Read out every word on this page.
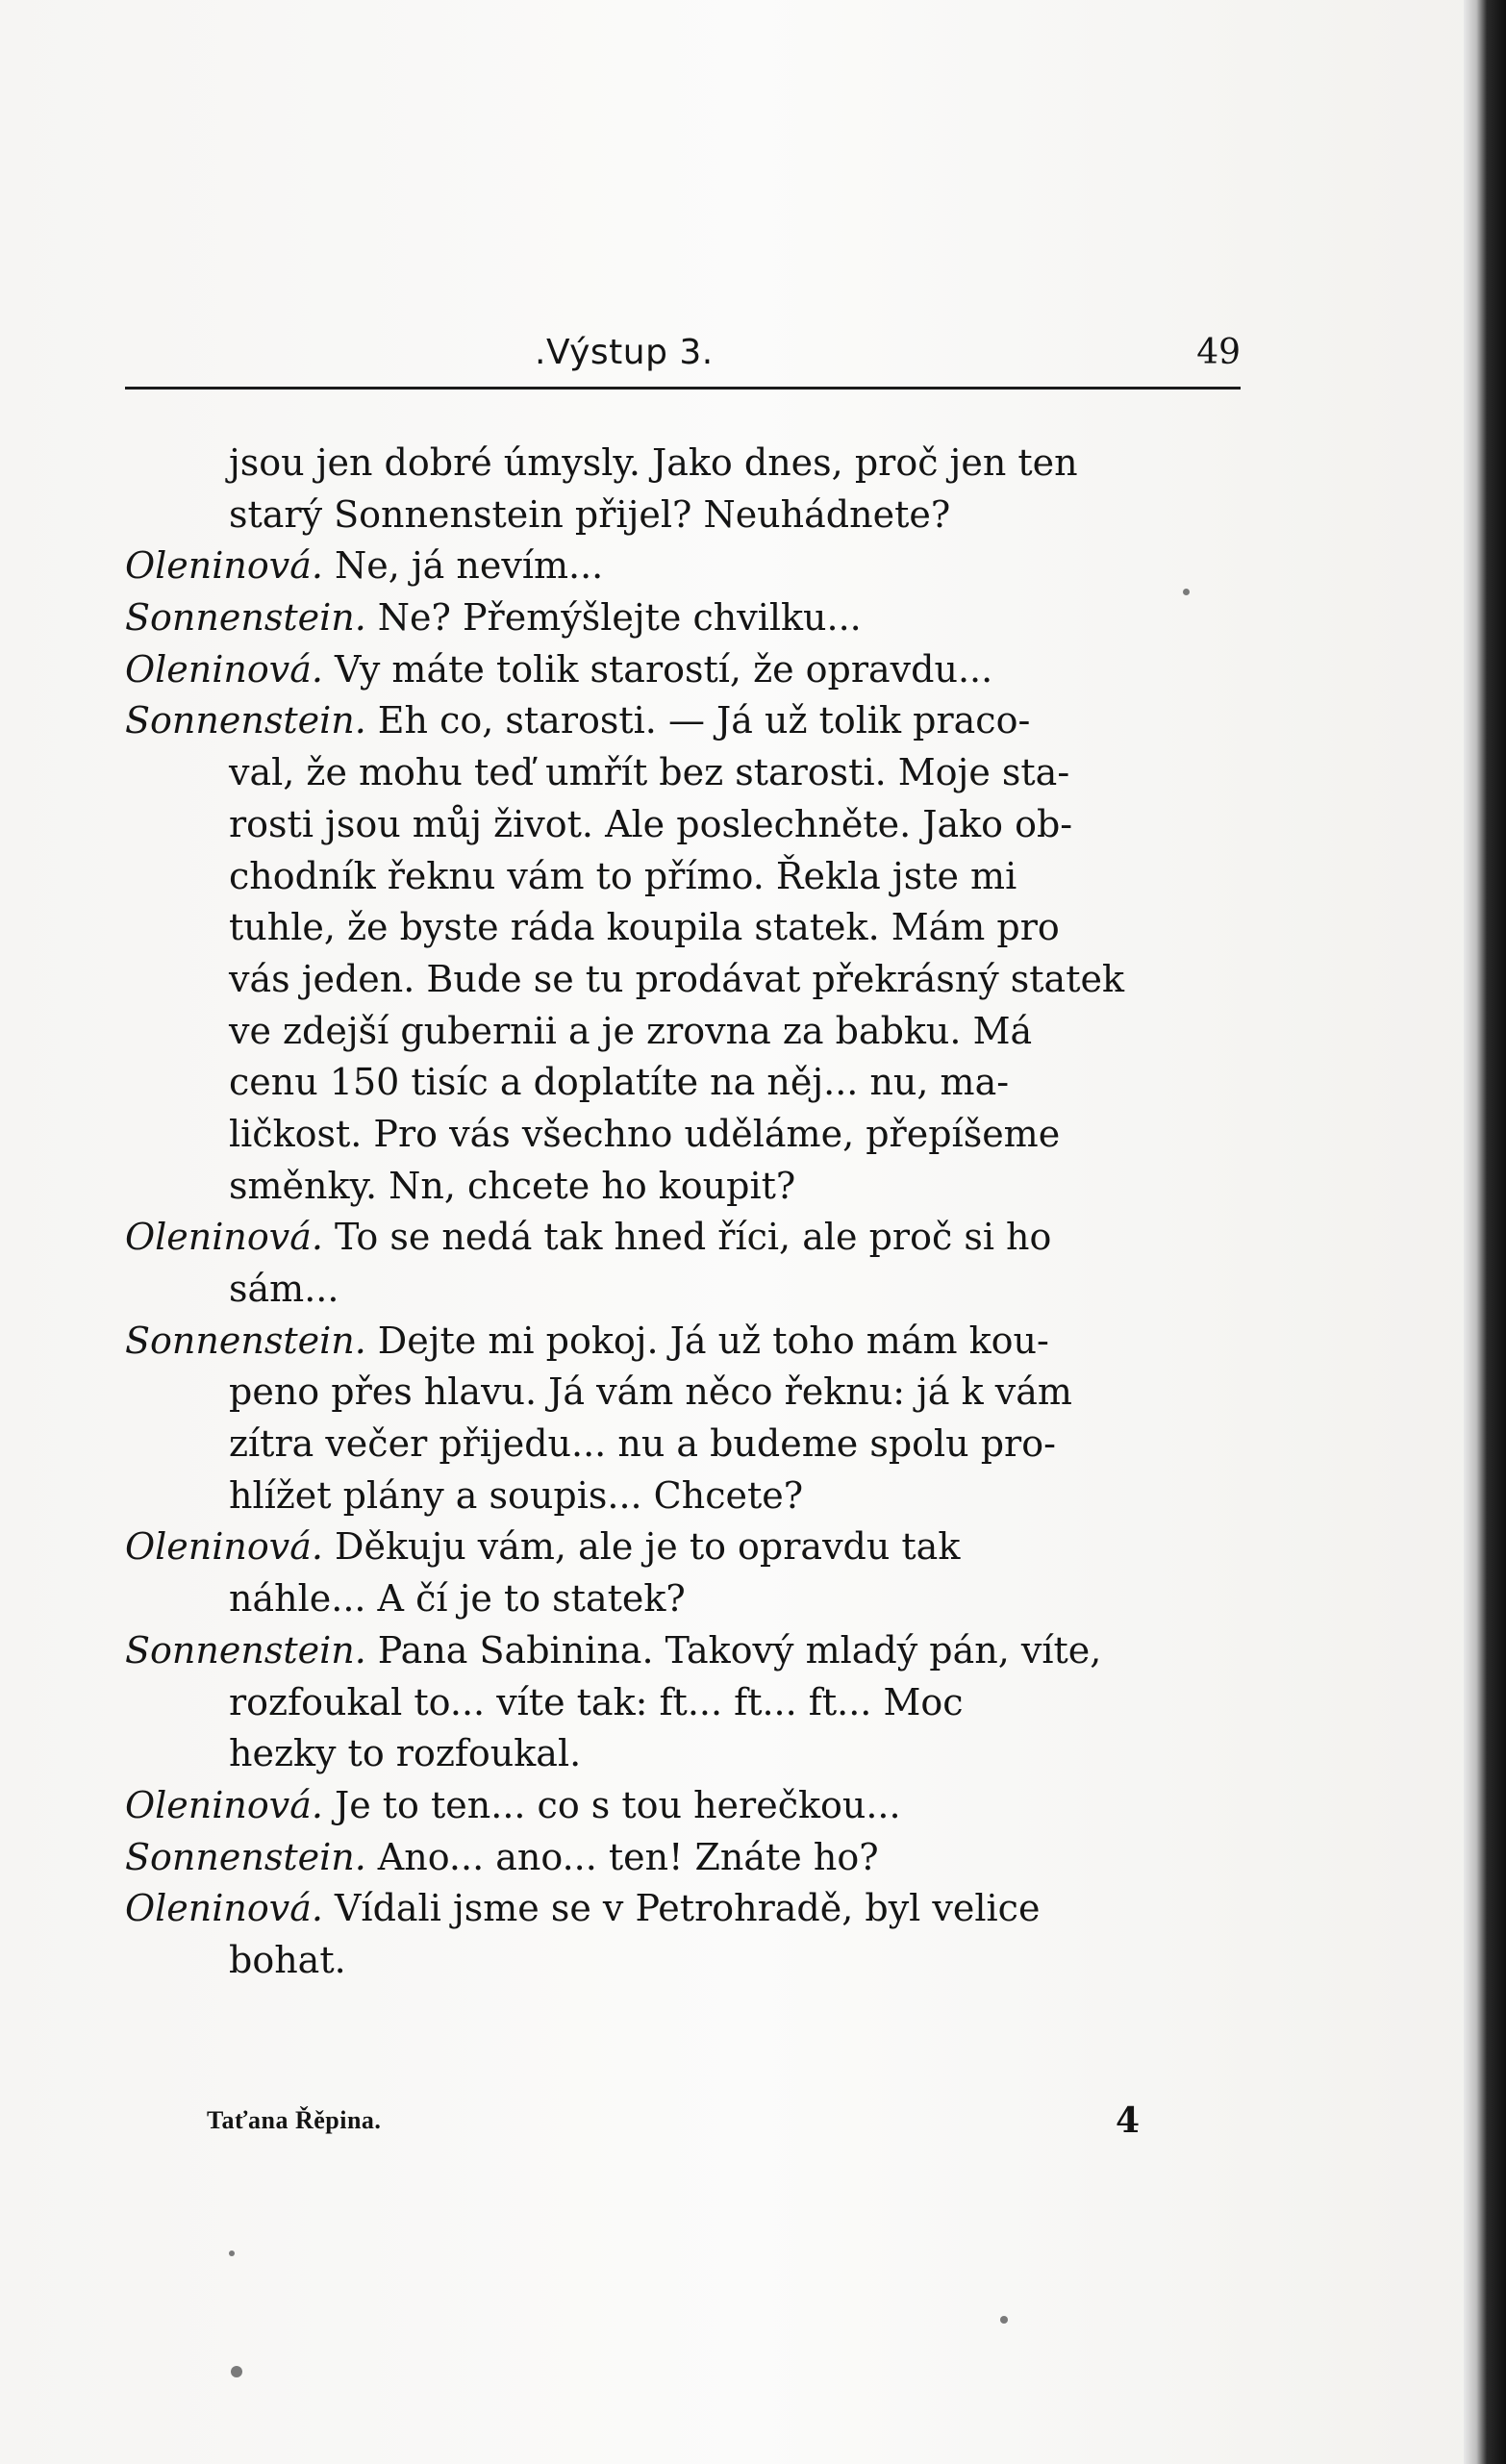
.Výstup 3.	49
jsou jen dobré úmysly. Jako dnes, proč jen ten
starý Sonnenstein přijel? Neuhádnete?
Oleninová. Ne, já nevím...
Sonnenstein. Ne? Přemýšlejte chvilku...
Oleninová. Vy máte tolik starostí, že opravdu...
Sonnenstein. Eh co, starosti. — Já už tolik praco-
val, že mohu teď umřít bez starosti. Moje sta-
rosti jsou můj život. Ale poslechněte. Jako ob-
chodník řeknu vám to přímo. Řekla jste mi
tuhle, že byste ráda koupila statek. Mám pro
vás jeden. Bude se tu prodávat překrásný statek
ve zdejší gubernii a je zrovna za babku. Má
cenu 150 tisíc a doplatíte na něj... nu, ma-
ličkost. Pro vás všechno uděláme, přepíšeme
směnky. Nn, chcete ho koupit?
Oleninová. To se nedá tak hned říci, ale proč si ho
sám...
Sonnenstein. Dejte mi pokoj. Já už toho mám kou-
peno přes hlavu. Já vám něco řeknu: já k vám
zítra večer přijedu... nu a budeme spolu pro-
hlížet plány a soupis... Chcete?
Oleninová. Děkuju vám, ale je to opravdu tak
náhle... A čí je to statek?
Sonnenstein. Pana Sabinina. Takový mladý pán, víte,
rozfoukal to... víte tak: ft... ft... ft... Moc
hezky to rozfoukal.
Oleninová. Je to ten... co s tou herečkou...
Sonnenstein. Ano... ano... ten! Znáte ho?
Oleninová. Vídali jsme se v Petrohradě, byl velice
bohat.
Taťana Řěpina.	4
